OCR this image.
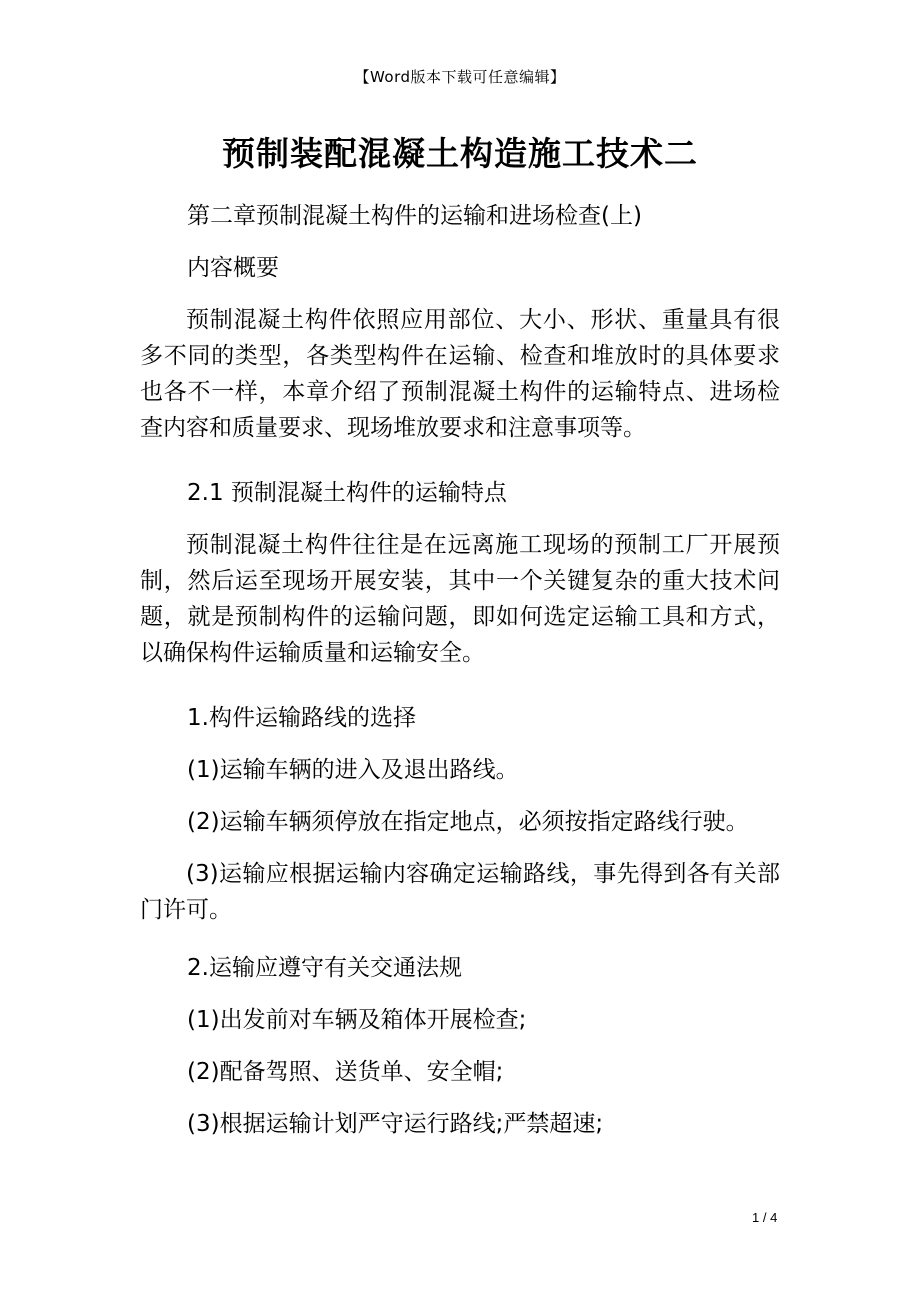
【Word版本下载可任意编辑】
预制装配混凝土构造施工技术二
第二章预制混凝土构件的运输和进场检查(上)
内容概要

预制混凝土构件依照应用部位、大小、形状、重量具有很多不同的类型，各类型构件在运输、检查和堆放时的具体要求也各不一样，本章介绍了预制混凝土构件的运输特点、进场检查内容和质量要求、现场堆放要求和注意事项等。

2.1 预制混凝土构件的运输特点

预制混凝土构件往往是在远离施工现场的预制工厂开展预制，然后运至现场开展安装，其中一个关键复杂的重大技术问题，就是预制构件的运输问题，即如何选定运输工具和方式，以确保构件运输质量和运输安全。

1.构件运输路线的选择
(1)运输车辆的进入及退出路线。
(2)运输车辆须停放在指定地点，必须按指定路线行驶。

(3)运输应根据运输内容确定运输路线，事先得到各有关部门许可。

2.运输应遵守有关交通法规
(1)出发前对车辆及箱体开展检查;
(2)配备驾照、送货单、安全帽;
(3)根据运输计划严守运行路线;严禁超速;
1 / 4
